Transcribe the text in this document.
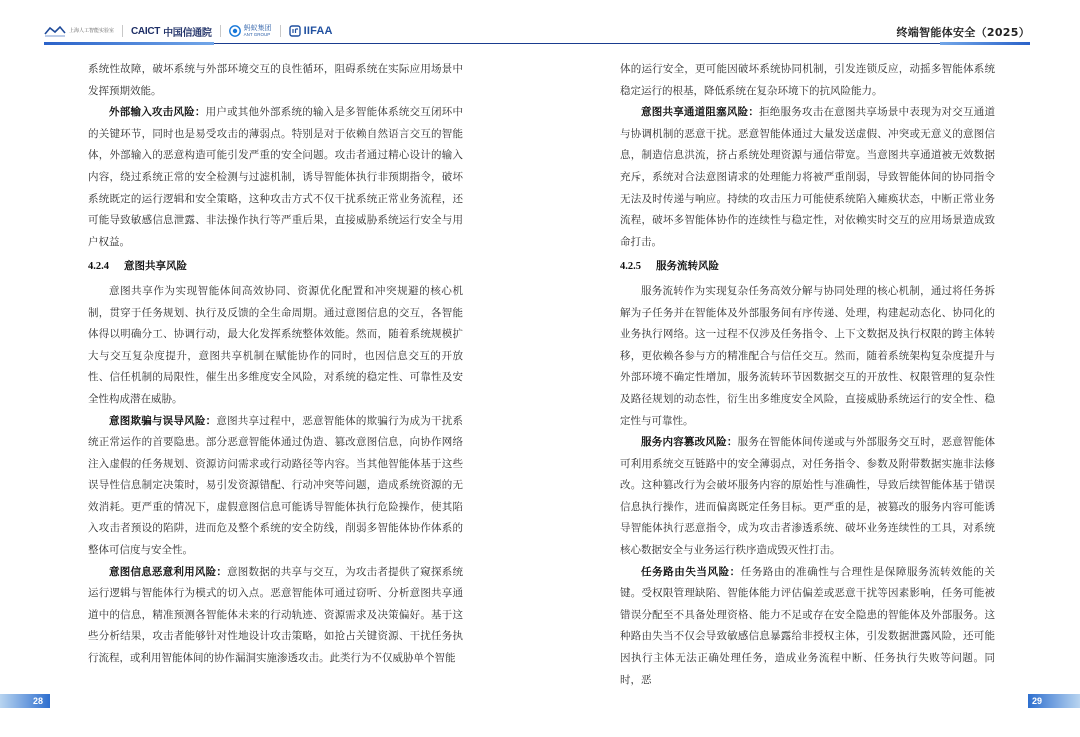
上海人工智能实验室 CAICT 中国信通院	蚂蚁集团
ANT GROUP	IIFAA	终端智能体安全（2025）

系统性故障，破坏系统与外部环境交互的良性循环，阻碍系统在实际应用场景中发挥预期效能。

外部输入攻击风险：用户或其他外部系统的输入是多智能体系统交互闭环中的关键环节，同时也是易受攻击的薄弱点。特别是对于依赖自然语言交互的智能体，外部输入的恶意构造可能引发严重的安全问题。攻击者通过精心设计的输入内容，绕过系统正常的安全检测与过滤机制，诱导智能体执行非预期指令，破坏系统既定的运行逻辑和安全策略，这种攻击方式不仅干扰系统正常业务流程，还可能导致敏感信息泄露、非法操作执行等严重后果，直接威胁系统运行安全与用户权益。

4.2.4 意图共享风险

意图共享作为实现智能体间高效协同、资源优化配置和冲突规避的核心机制，贯穿于任务规划、执行及反馈的全生命周期。通过意图信息的交互，各智能体得以明确分工、协调行动，最大化发挥系统整体效能。然而，随着系统规模扩大与交互复杂度提升，意图共享机制在赋能协作的同时，也因信息交互的开放性、信任机制的局限性，催生出多维度安全风险，对系统的稳定性、可靠性及安全性构成潜在威胁。

意图欺骗与误导风险：意图共享过程中，恶意智能体的欺骗行为成为干扰系统正常运作的首要隐患。部分恶意智能体通过伪造、篡改意图信息，向协作网络注入虚假的任务规划、资源访问需求或行动路径等内容。当其他智能体基于这些误导性信息制定决策时，易引发资源错配、行动冲突等问题，造成系统资源的无效消耗。更严重的情况下，虚假意图信息可能诱导智能体执行危险操作，使其陷入攻击者预设的陷阱，进而危及整个系统的安全防线，削弱多智能体协作体系的整体可信度与安全性。

意图信息恶意利用风险：意图数据的共享与交互，为攻击者提供了窥探系统运行逻辑与智能体行为模式的切入点。恶意智能体可通过窃听、分析意图共享通道中的信息，精准预测各智能体未来的行动轨迹、资源需求及决策偏好。基于这些分析结果，攻击者能够针对性地设计攻击策略，如抢占关键资源、干扰任务执行流程，或利用智能体间的协作漏洞实施渗透攻击。此类行为不仅威胁单个智能

体的运行安全，更可能因破坏系统协同机制，引发连锁反应，动摇多智能体系统稳定运行的根基，降低系统在复杂环境下的抗风险能力。

意图共享通道阻塞风险：拒绝服务攻击在意图共享场景中表现为对交互通道与协调机制的恶意干扰。恶意智能体通过大量发送虚假、冲突或无意义的意图信息，制造信息洪流，挤占系统处理资源与通信带宽。当意图共享通道被无效数据充斥，系统对合法意图请求的处理能力将被严重削弱，导致智能体间的协同指令无法及时传递与响应。持续的攻击压力可能使系统陷入瘫痪状态，中断正常业务流程，破坏多智能体协作的连续性与稳定性，对依赖实时交互的应用场景造成致命打击。

4.2.5 服务流转风险

服务流转作为实现复杂任务高效分解与协同处理的核心机制，通过将任务拆解为子任务并在智能体及外部服务间有序传递、处理，构建起动态化、协同化的业务执行网络。这一过程不仅涉及任务指令、上下文数据及执行权限的跨主体转移，更依赖各参与方的精准配合与信任交互。然而，随着系统架构复杂度提升与外部环境不确定性增加，服务流转环节因数据交互的开放性、权限管理的复杂性及路径规划的动态性，衍生出多维度安全风险，直接威胁系统运行的安全性、稳定性与可靠性。

服务内容篡改风险：服务在智能体间传递或与外部服务交互时，恶意智能体可利用系统交互链路中的安全薄弱点，对任务指令、参数及附带数据实施非法修改。这种篡改行为会破坏服务内容的原始性与准确性，导致后续智能体基于错误信息执行操作，进而偏离既定任务目标。更严重的是，被篡改的服务内容可能诱导智能体执行恶意指令，成为攻击者渗透系统、破坏业务连续性的工具，对系统核心数据安全与业务运行秩序造成毁灭性打击。

任务路由失当风险：任务路由的准确性与合理性是保障服务流转效能的关键。受权限管理缺陷、智能体能力评估偏差或恶意干扰等因素影响，任务可能被错误分配至不具备处理资格、能力不足或存在安全隐患的智能体及外部服务。这种路由失当不仅会导致敏感信息暴露给非授权主体，引发数据泄露风险，还可能因执行主体无法正确处理任务，造成业务流程中断、任务执行失败等问题。同时，恶

28	29
